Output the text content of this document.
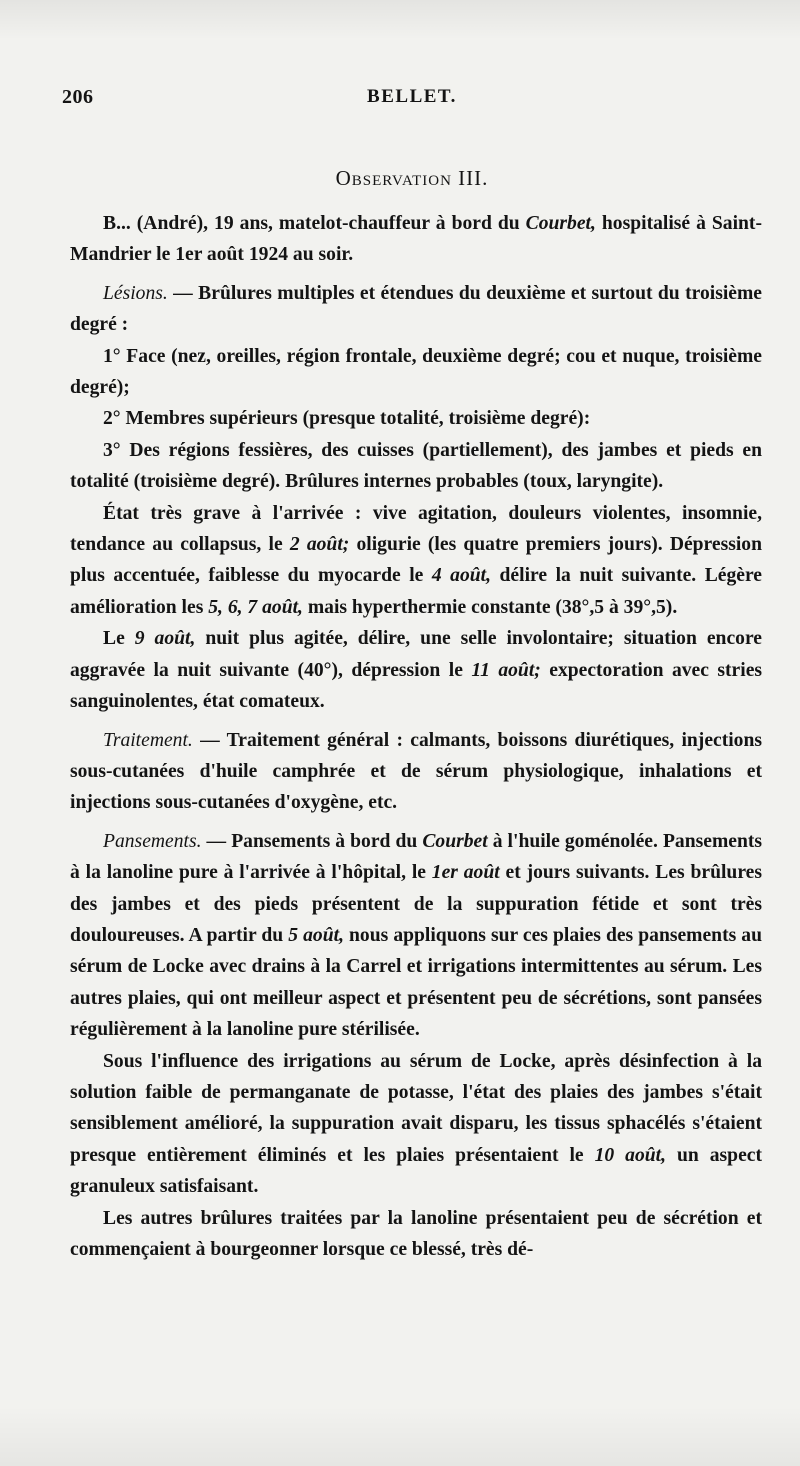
206	BELLET.
Observation III.

B... (André), 19 ans, matelot-chauffeur à bord du Courbet, hospitalisé à Saint-Mandrier le 1er août 1924 au soir.

Lésions. — Brûlures multiples et étendues du deuxième et surtout du troisième degré :

1° Face (nez, oreilles, région frontale, deuxième degré; cou et nuque, troisième degré);

2° Membres supérieurs (presque totalité, troisième degré):

3° Des régions fessières, des cuisses (partiellement), des jambes et pieds en totalité (troisième degré). Brûlures internes probables (toux, laryngite).

État très grave à l'arrivée : vive agitation, douleurs violentes, insomnie, tendance au collapsus, le 2 août; oligurie (les quatre premiers jours). Dépression plus accentuée, faiblesse du myocarde le 4 août, délire la nuit suivante. Légère amélioration les 5, 6, 7 août, mais hyperthermie constante (38°,5 à 39°,5).

Le 9 août, nuit plus agitée, délire, une selle involontaire; situation encore aggravée la nuit suivante (40°), dépression le 11 août; expectoration avec stries sanguinolentes, état comateux.

Traitement. — Traitement général : calmants, boissons diurétiques, injections sous-cutanées d'huile camphrée et de sérum physiologique, inhalations et injections sous-cutanées d'oxygène, etc.

Pansements. — Pansements à bord du Courbet à l'huile goménolée. Pansements à la lanoline pure à l'arrivée à l'hôpital, le 1er août et jours suivants. Les brûlures des jambes et des pieds présentent de la suppuration fétide et sont très douloureuses. A partir du 5 août, nous appliquons sur ces plaies des pansements au sérum de Locke avec drains à la Carrel et irrigations intermittentes au sérum. Les autres plaies, qui ont meilleur aspect et présentent peu de sécrétions, sont pansées régulièrement à la lanoline pure stérilisée.

Sous l'influence des irrigations au sérum de Locke, après désinfection à la solution faible de permanganate de potasse, l'état des plaies des jambes s'était sensiblement amélioré, la suppuration avait disparu, les tissus sphacélés s'étaient presque entièrement éliminés et les plaies présentaient le 10 août, un aspect granuleux satisfaisant.

Les autres brûlures traitées par la lanoline présentaient peu de sécrétion et commençaient à bourgeonner lorsque ce blessé, très dé-
